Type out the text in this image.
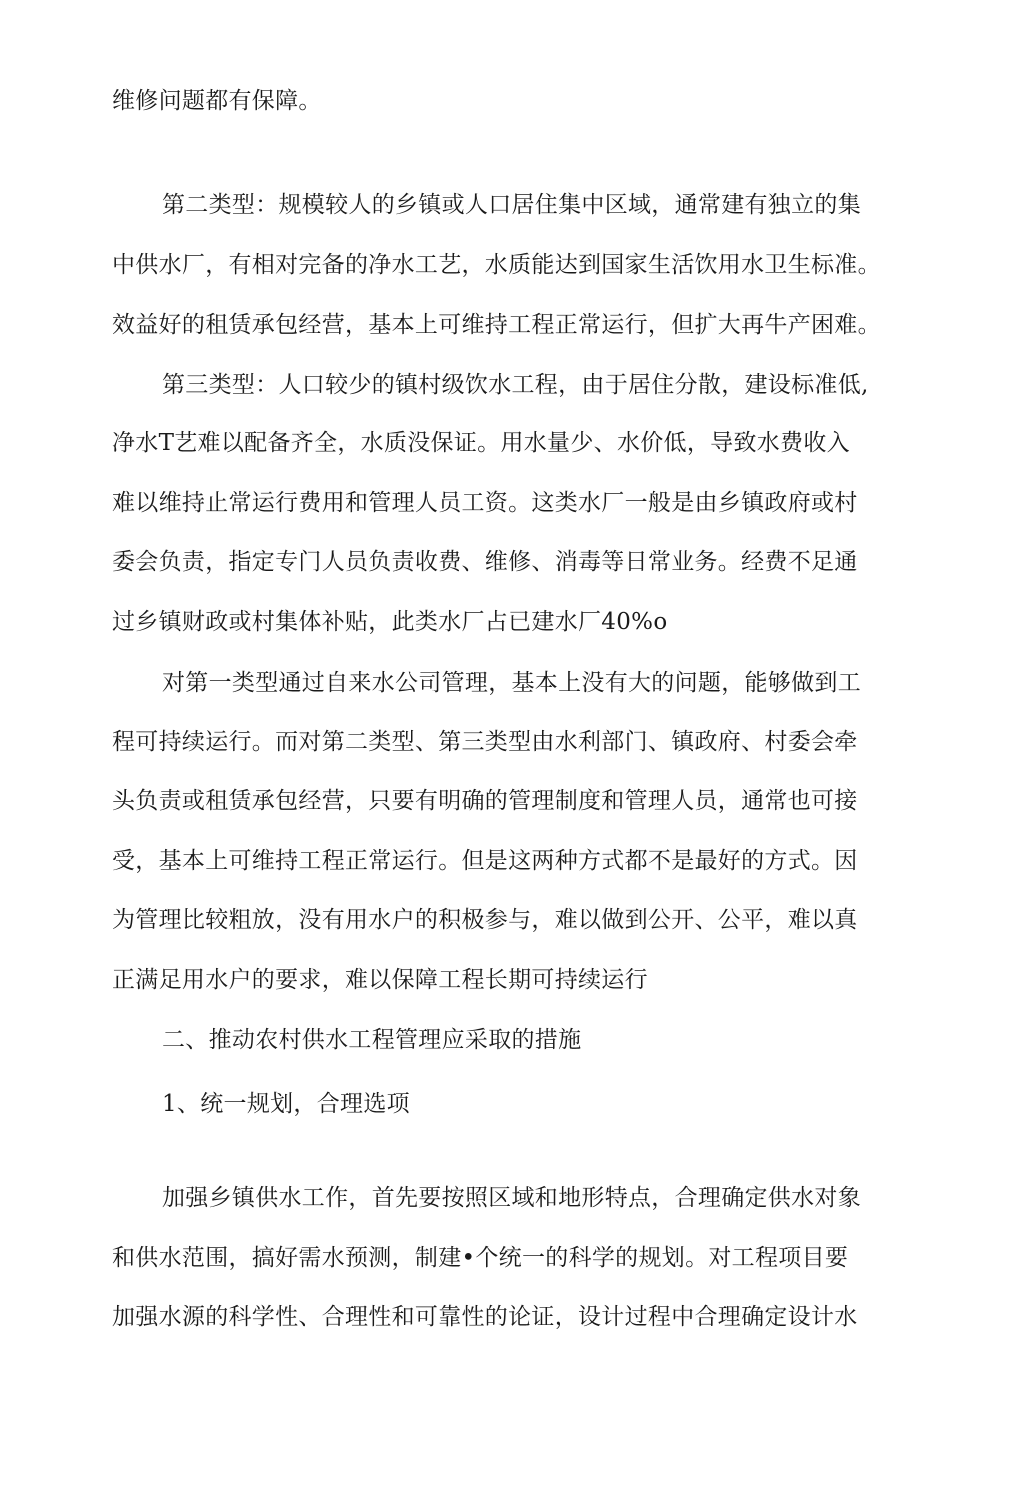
维修问题都有保障。
第二类型：规模较人的乡镇或人口居住集中区域，通常建有独立的集
中供水厂，有相对完备的净水工艺，水质能达到国家生活饮用水卫生标准。
效益好的租赁承包经营，基本上可维持工程正常运行，但扩大再牛产困难。
第三类型：人口较少的镇村级饮水工程，由于居住分散，建设标准低,
净水T艺难以配备齐全，水质没保证。用水量少、水价低，导致水费收入
难以维持止常运行费用和管理人员工资。这类水厂一般是由乡镇政府或村
委会负责，指定专门人员负责收费、维修、消毒等日常业务。经费不足通
过乡镇财政或村集体补贴，此类水厂占已建水厂40%o
对第一类型通过自来水公司管理，基本上没有大的问题，能够做到工
程可持续运行。而对第二类型、第三类型由水利部门、镇政府、村委会牵
头负责或租赁承包经营，只要有明确的管理制度和管理人员，通常也可接
受，基本上可维持工程正常运行。但是这两种方式都不是最好的方式。因
为管理比较粗放，没有用水户的积极参与，难以做到公开、公平，难以真
正满足用水户的要求，难以保障工程长期可持续运行
二、推动农村供水工程管理应采取的措施
1、统一规划，合理选项
加强乡镇供水工作，首先要按照区域和地形特点，合理确定供水对象
和供水范围，搞好需水预测，制建•个统一的科学的规划。对工程项目要
加强水源的科学性、合理性和可靠性的论证，设计过程中合理确定设计水
